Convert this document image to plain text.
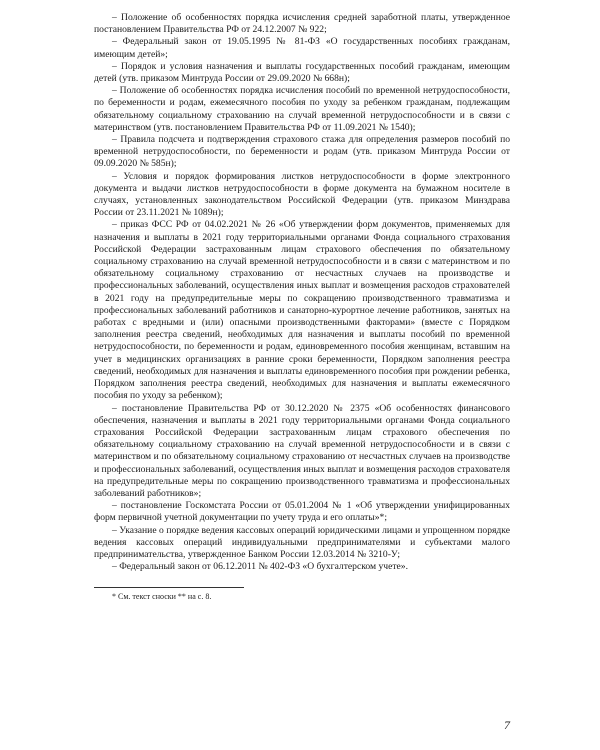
– Положение об особенностях порядка исчисления средней заработной платы, утвержденное постановлением Правительства РФ от 24.12.2007 № 922;

– Федеральный закон от 19.05.1995 № 81-ФЗ «О государственных пособиях гражданам, имеющим детей»;

– Порядок и условия назначения и выплаты государственных пособий гражданам, имеющим детей (утв. приказом Минтруда России от 29.09.2020 № 668н);

– Положение об особенностях порядка исчисления пособий по временной нетрудоспособности, по беременности и родам, ежемесячного пособия по уходу за ребенком гражданам, подлежащим обязательному социальному страхованию на случай временной нетрудоспособности и в связи с материнством (утв. постановлением Правительства РФ от 11.09.2021 № 1540);

– Правила подсчета и подтверждения страхового стажа для определения размеров пособий по временной нетрудоспособности, по беременности и родам (утв. приказом Минтруда России от 09.09.2020 № 585н);

– Условия и порядок формирования листков нетрудоспособности в форме электронного документа и выдачи листков нетрудоспособности в форме документа на бумажном носителе в случаях, установленных законодательством Российской Федерации (утв. приказом Минздрава России от 23.11.2021 № 1089н);

– приказ ФСС РФ от 04.02.2021 № 26 «Об утверждении форм документов, применяемых для назначения и выплаты в 2021 году территориальными органами Фонда социального страхования Российской Федерации застрахованным лицам страхового обеспечения по обязательному социальному страхованию на случай временной нетрудоспособности и в связи с материнством и по обязательному социальному страхованию от несчастных случаев на производстве и профессиональных заболеваний, осуществления иных выплат и возмещения расходов страхователей в 2021 году на предупредительные меры по сокращению производственного травматизма и профессиональных заболеваний работников и санаторно-курортное лечение работников, занятых на работах с вредными и (или) опасными производственными факторами» (вместе с Порядком заполнения реестра сведений, необходимых для назначения и выплаты пособий по временной нетрудоспособности, по беременности и родам, единовременного пособия женщинам, вставшим на учет в медицинских организациях в ранние сроки беременности, Порядком заполнения реестра сведений, необходимых для назначения и выплаты единовременного пособия при рождении ребенка, Порядком заполнения реестра сведений, необходимых для назначения и выплаты ежемесячного пособия по уходу за ребенком);

– постановление Правительства РФ от 30.12.2020 № 2375 «Об особенностях финансового обеспечения, назначения и выплаты в 2021 году территориальными органами Фонда социального страхования Российской Федерации застрахованным лицам страхового обеспечения по обязательному социальному страхованию на случай временной нетрудоспособности и в связи с материнством и по обязательному социальному страхованию от несчастных случаев на производстве и профессиональных заболеваний, осуществления иных выплат и возмещения расходов страхователя на предупредительные меры по сокращению производственного травматизма и профессиональных заболеваний работников»;

– постановление Госкомстата России от 05.01.2004 № 1 «Об утверждении унифицированных форм первичной учетной документации по учету труда и его оплаты»*;

– Указание о порядке ведения кассовых операций юридическими лицами и упрощенном порядке ведения кассовых операций индивидуальными предпринимателями и субъектами малого предпринимательства, утвержденное Банком России 12.03.2014 № 3210-У;

– Федеральный закон от 06.12.2011 № 402-ФЗ «О бухгалтерском учете».

* См. текст сноски ** на с. 8.

7
